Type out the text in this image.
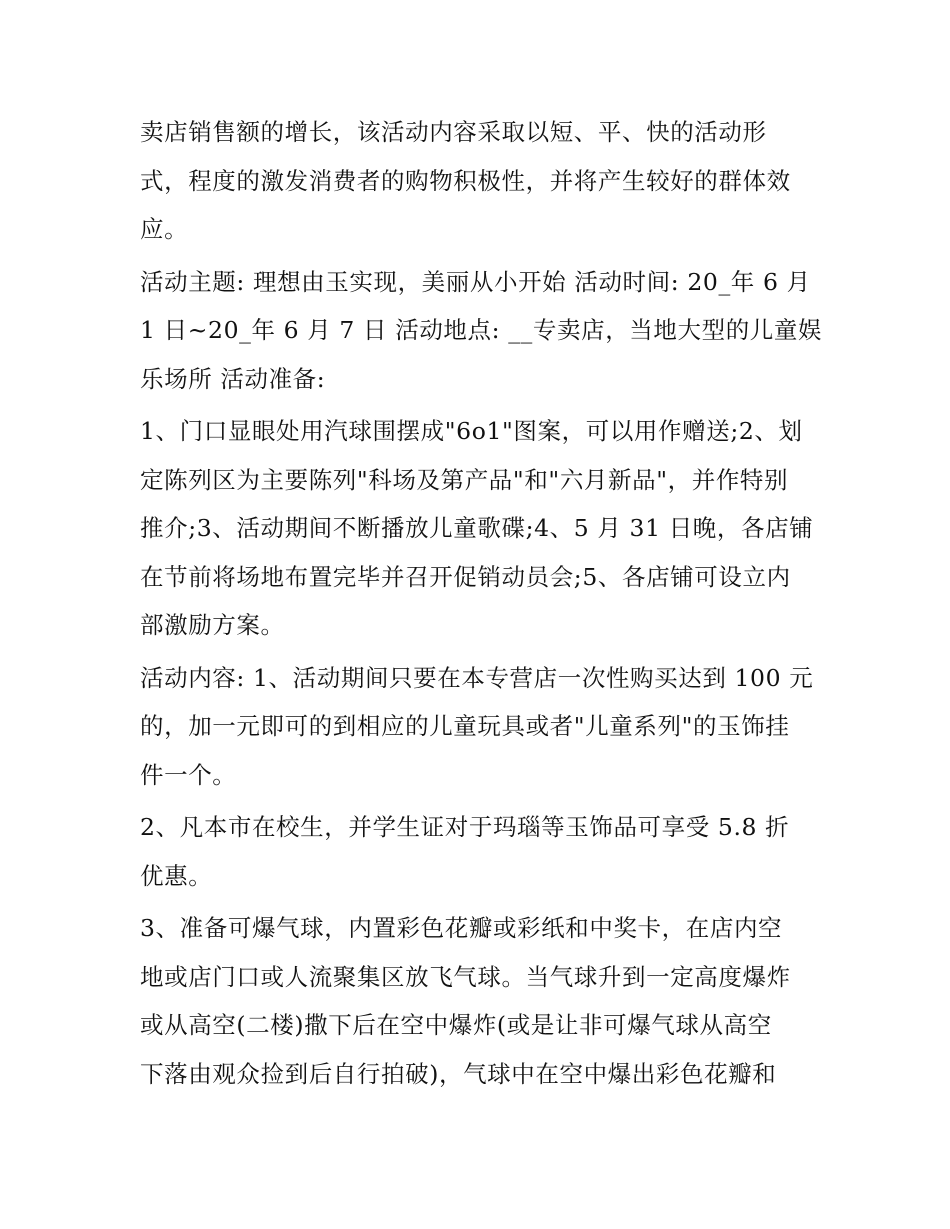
卖店销售额的增长，该活动内容采取以短、平、快的活动形
式，程度的激发消费者的购物积极性，并将产生较好的群体效
应。
活动主题: 理想由玉实现，美丽从小开始 活动时间: 20_年 6 月
1 日~20_年 6 月 7 日 活动地点: __专卖店，当地大型的儿童娱
乐场所 活动准备:
1、门口显眼处用汽球围摆成"6o1"图案，可以用作赠送;2、划
定陈列区为主要陈列"科场及第产品"和"六月新品"，并作特别
推介;3、活动期间不断播放儿童歌碟;4、5 月 31 日晚，各店铺
在节前将场地布置完毕并召开促销动员会;5、各店铺可设立内
部激励方案。
活动内容: 1、活动期间只要在本专营店一次性购买达到 100 元
的，加一元即可的到相应的儿童玩具或者"儿童系列"的玉饰挂
件一个。
2、凡本市在校生，并学生证对于玛瑙等玉饰品可享受 5.8 折
优惠。
3、准备可爆气球，内置彩色花瓣或彩纸和中奖卡，在店内空
地或店门口或人流聚集区放飞气球。当气球升到一定高度爆炸
或从高空(二楼)撒下后在空中爆炸(或是让非可爆气球从高空
下落由观众捡到后自行拍破)，气球中在空中爆出彩色花瓣和
